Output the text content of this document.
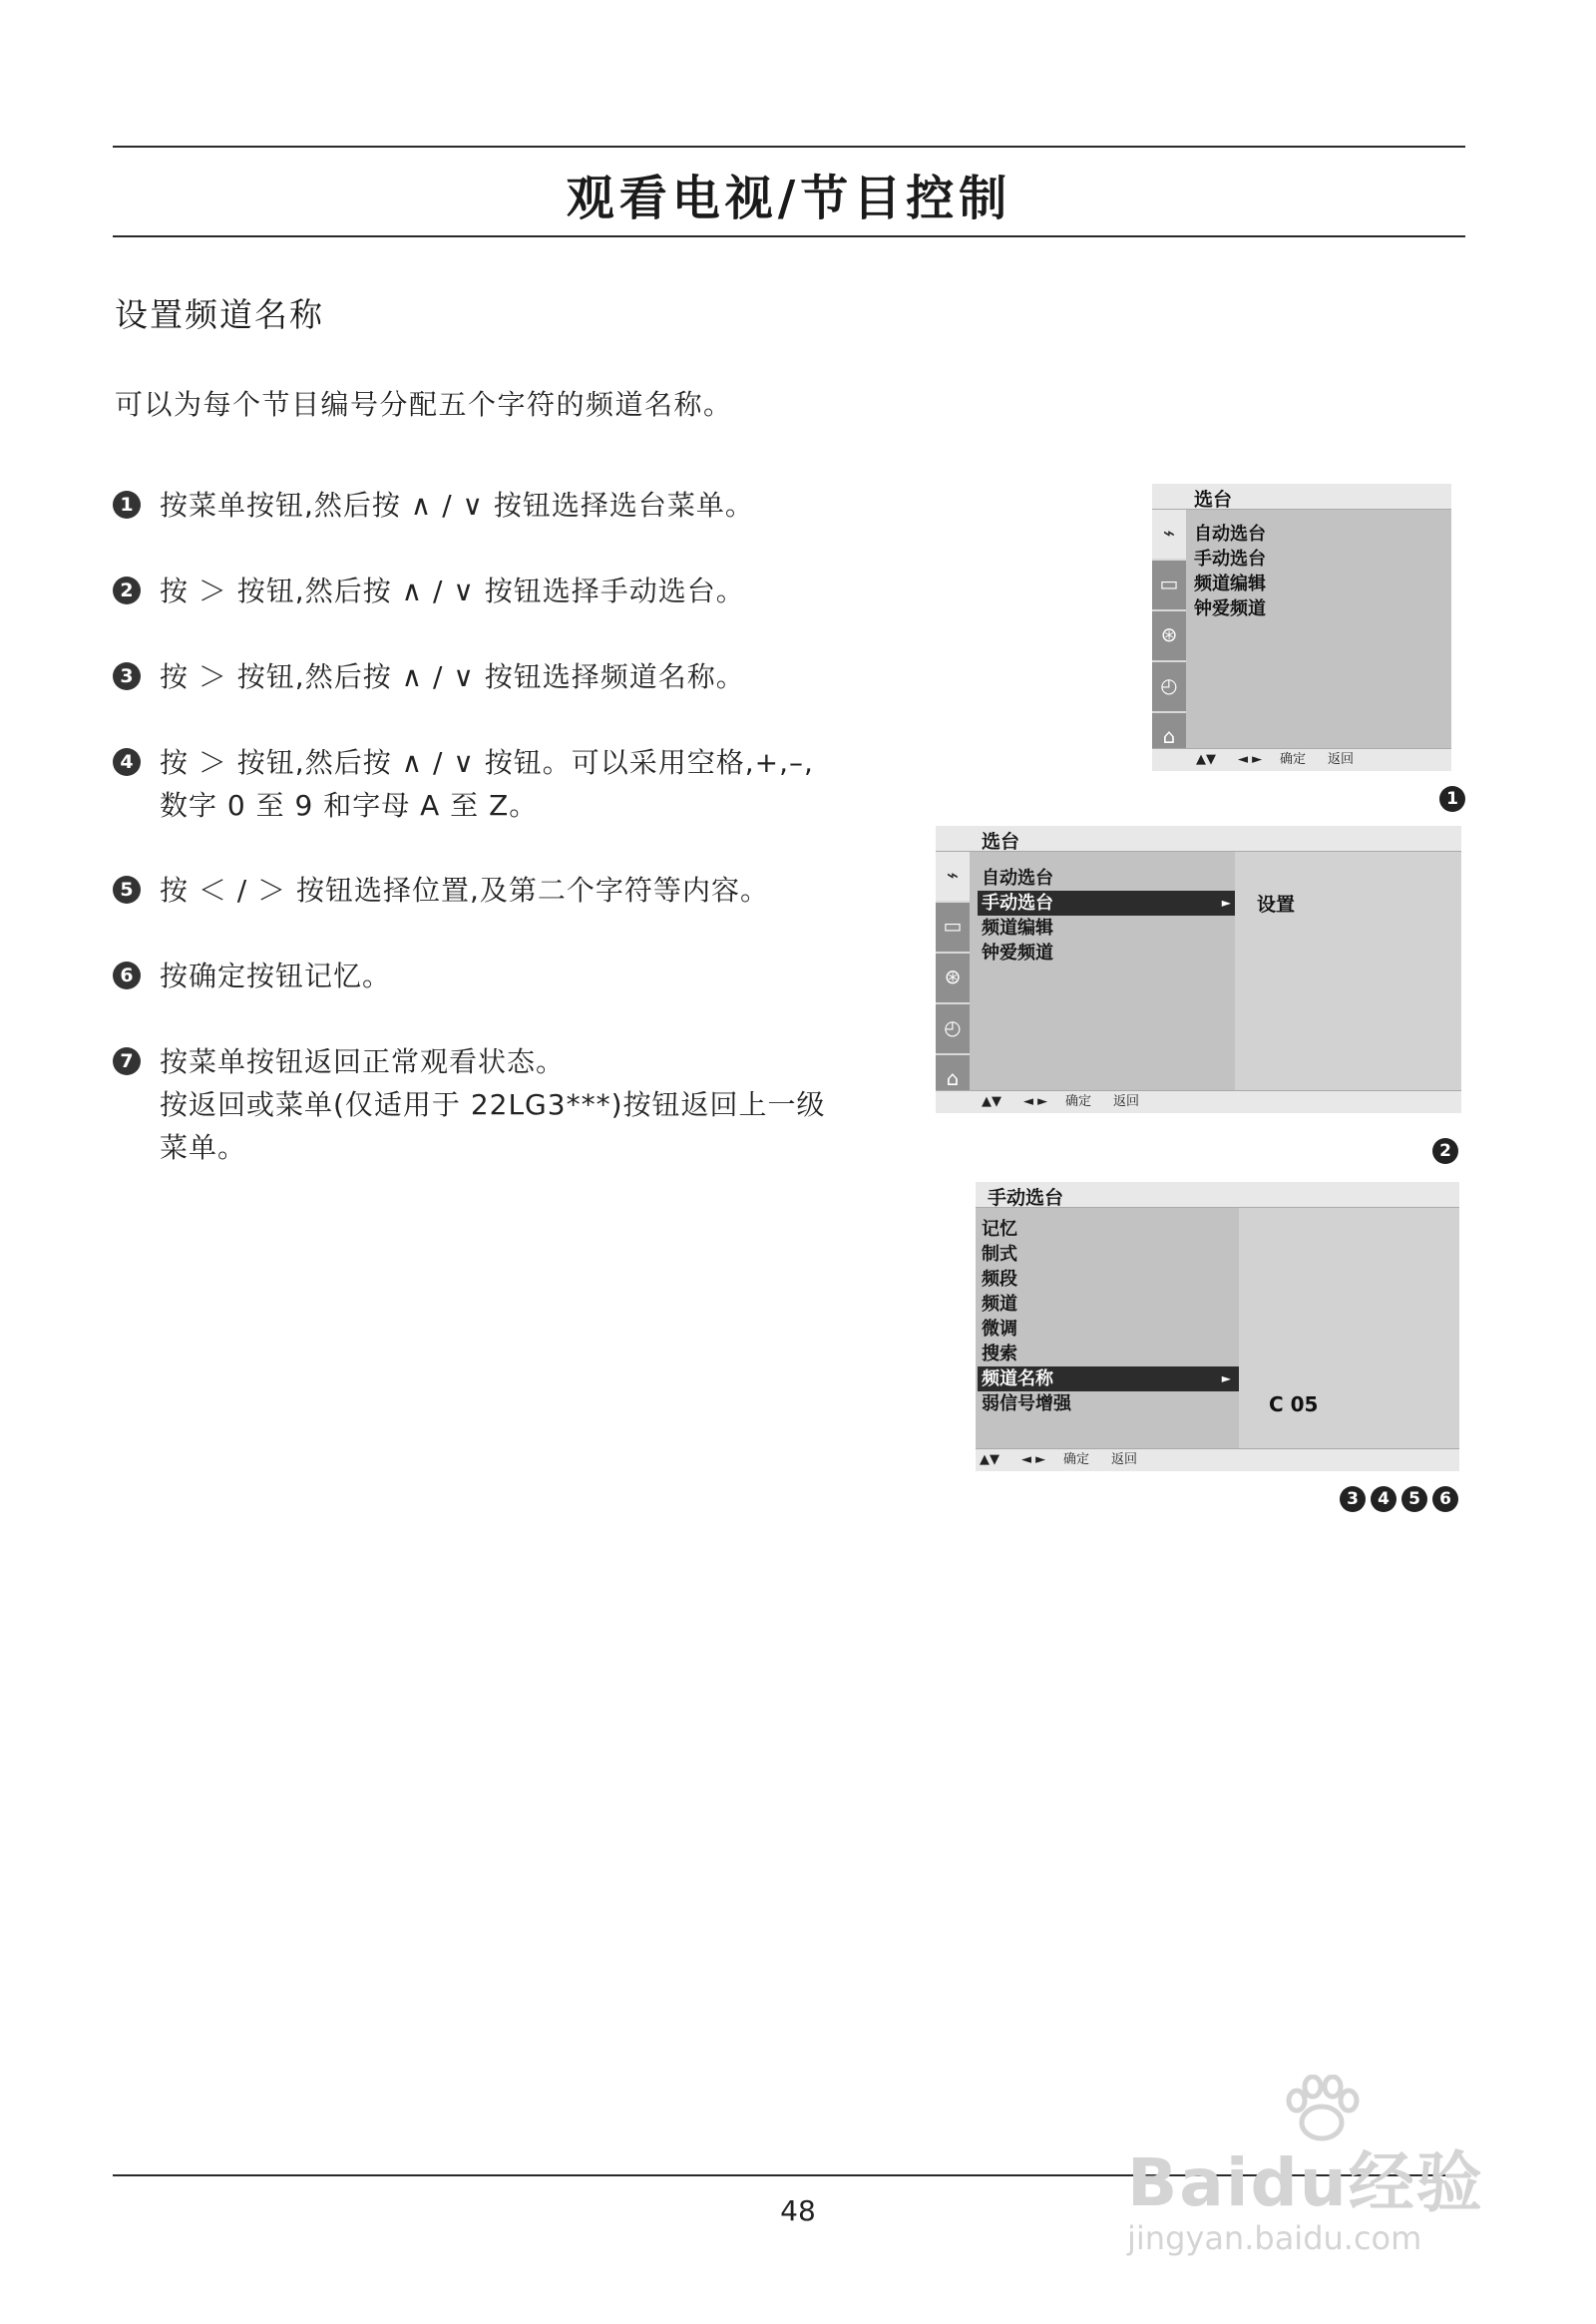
观看电视/节目控制
设置频道名称
可以为每个节目编号分配五个字符的频道名称。
1 按菜单按钮,然后按 ∧ / ∨ 按钮选择选台菜单。
2 按 ＞ 按钮,然后按 ∧ / ∨ 按钮选择手动选台。
3 按 ＞ 按钮,然后按 ∧ / ∨ 按钮选择频道名称。
4 按 ＞ 按钮,然后按 ∧ / ∨ 按钮。可以采用空格,+,–,
数字 0 至 9 和字母 A 至 Z。
5 按 ＜ / ＞ 按钮选择位置,及第二个字符等内容。
6 按确定按钮记忆。
7 按菜单按钮返回正常观看状态。
按返回或菜单(仅适用于 22LG3***)按钮返回上一级
菜单。
选台
⌁
▭
⊛
◴
⌂
自动选台
手动选台
频道编辑
钟爱频道
▲▼ ◄ ► 确定 返回
1
选台
⌁
▭
⊛
◴
⌂
自动选台
手动选台	►
频道编辑
钟爱频道
设置
▲▼ ◄ ► 确定 返回
2
手动选台
记忆
制式
频段
频道
微调
搜索
频道名称	►
弱信号增强	C 05
▲▼ ◄ ► 确定 返回
3	4	5	6
48	Baidu经验
jingyan.baidu.com
